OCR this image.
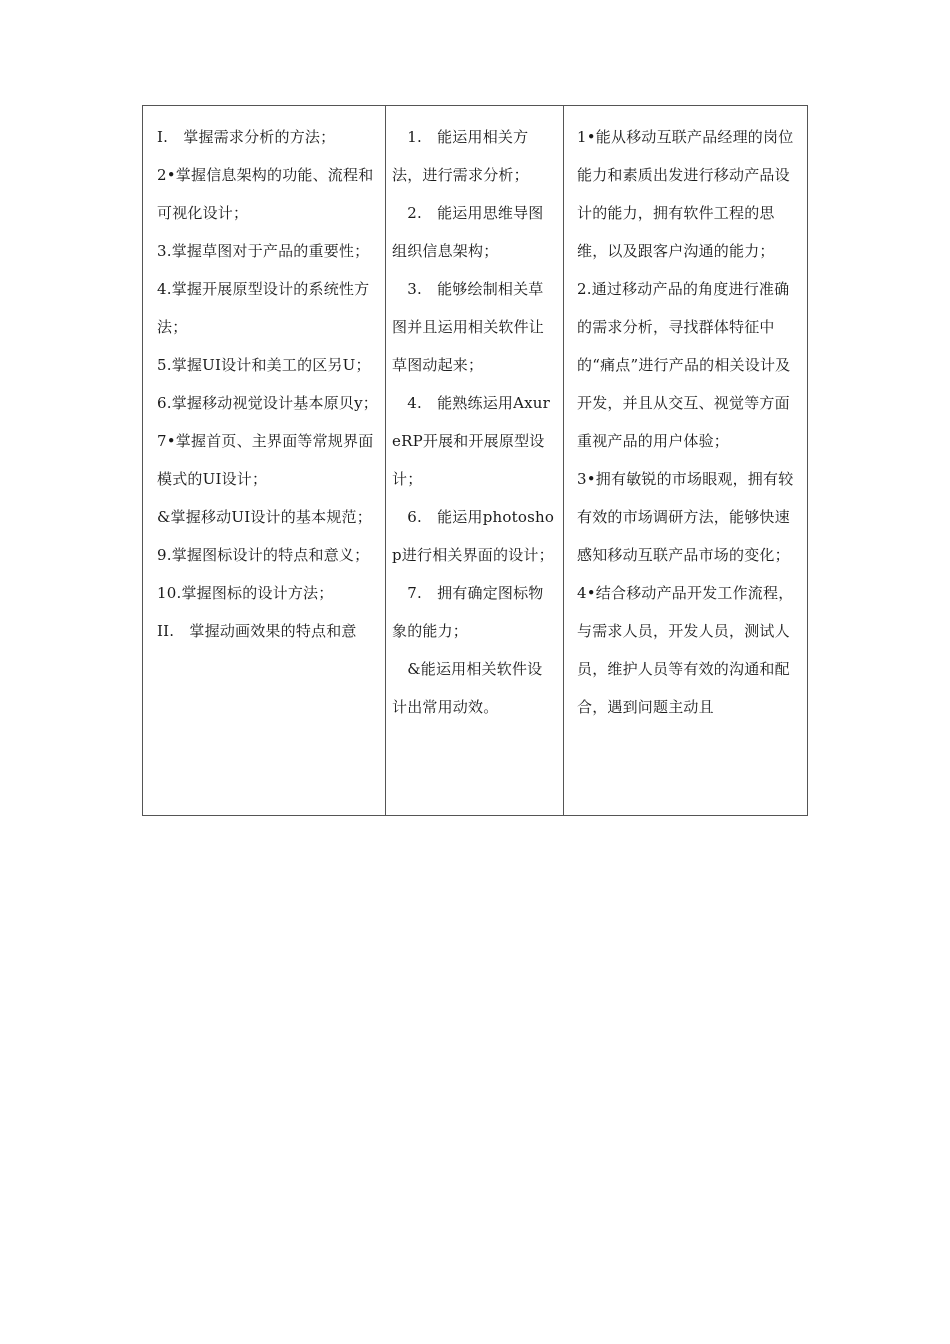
I.　掌握需求分析的方法；

2•掌握信息架构的功能、流程和可视化设计；

3.掌握草图对于产品的重要性；

4.掌握开展原型设计的系统性方法；

5.掌握UI设计和美工的区另U；

6.掌握移动视觉设计基本原贝y；

7•掌握首页、主界面等常规界面模式的UI设计；

&掌握移动UI设计的基本规范；

9.掌握图标设计的特点和意义；

10.掌握图标的设计方法；

II.　掌握动画效果的特点和意

　1.　能运用相关方法，进行需求分析；

　2.　能运用思维导图组织信息架构；

　3.　能够绘制相关草图并且运用相关软件让草图动起来；

　4.　能熟练运用AxureRP开展和开展原型设计；

　6.　能运用photoshop进行相关界面的设计；

　7.　拥有确定图标物象的能力；

　&能运用相关软件设计出常用动效。

1•能从移动互联产品经理的岗位能力和素质出发进行移动产品设计的能力，拥有软件工程的思维，以及跟客户沟通的能力；

2.通过移动产品的角度进行准确的需求分析，寻找群体特征中的“痛点”进行产品的相关设计及开发，并且从交互、视觉等方面重视产品的用户体验；

3•拥有敏锐的市场眼观，拥有较有效的市场调研方法，能够快速感知移动互联产品市场的变化；

4•结合移动产品开发工作流程，与需求人员，开发人员，测试人员，维护人员等有效的沟通和配合，遇到问题主动且
